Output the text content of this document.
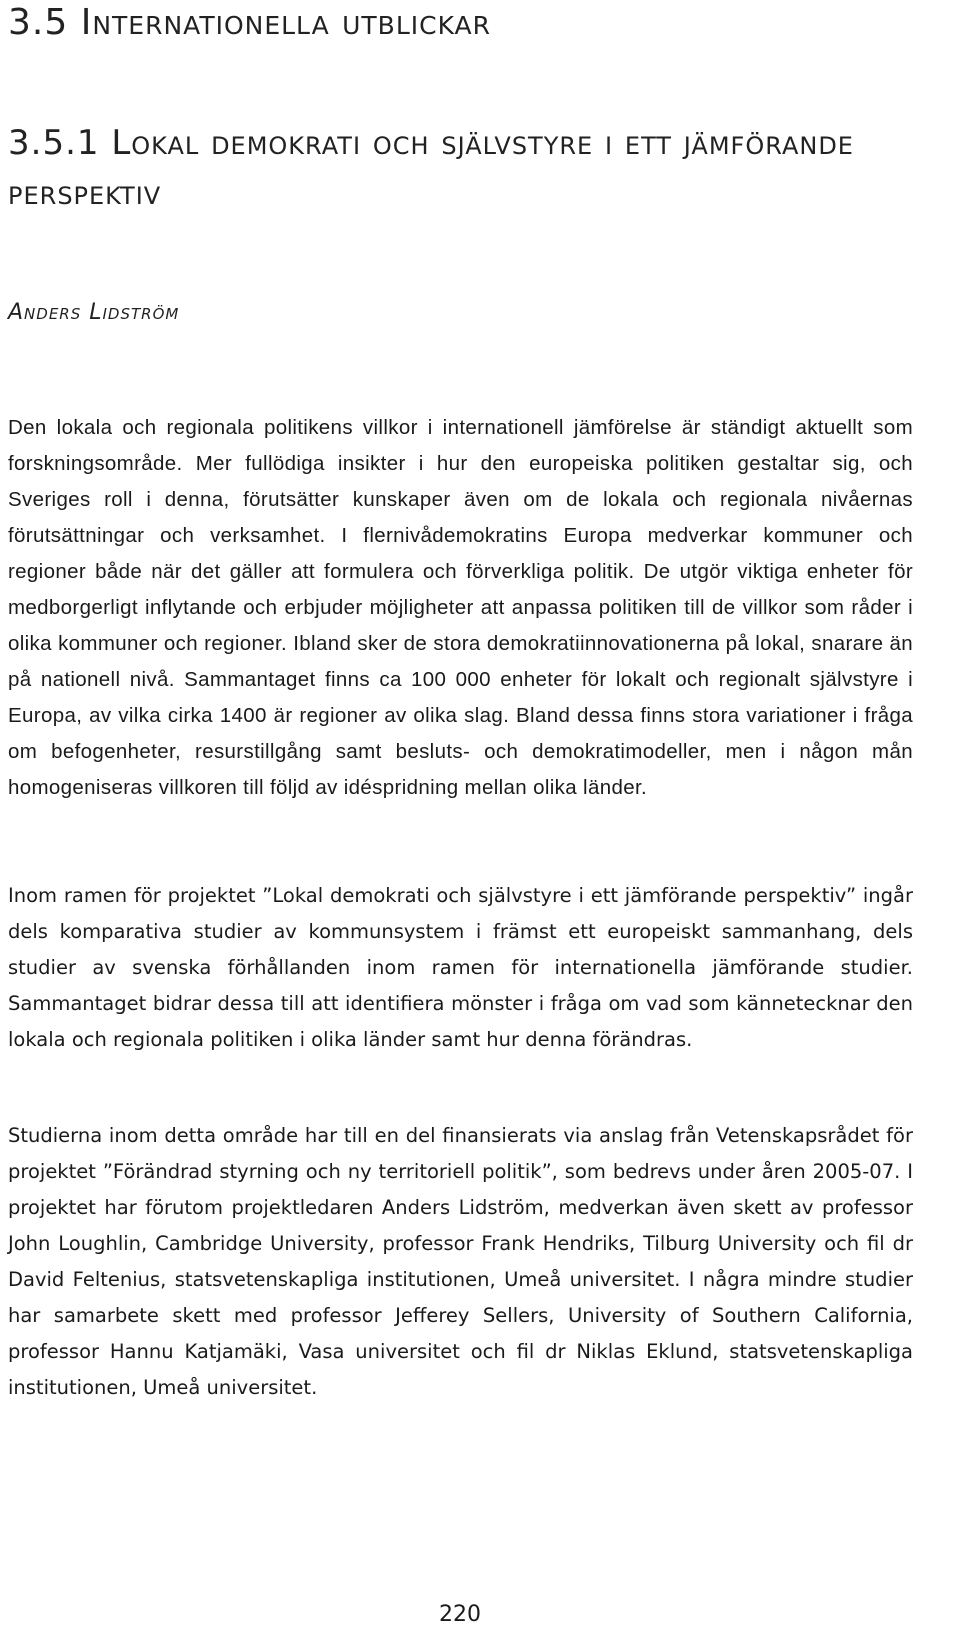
3.5 Internationella utblickar
3.5.1 Lokal demokrati och självstyre i ett jämförande perspektiv

Anders Lidström

Den lokala och regionala politikens villkor i internationell jämförelse är ständigt aktuellt som forskningsområde. Mer fullödiga insikter i hur den europeiska politiken gestaltar sig, och Sveriges roll i denna, förutsätter kunskaper även om de lokala och regionala nivåernas förutsättningar och verksamhet. I flernivådemokratins Europa medverkar kommuner och regioner både när det gäller att formulera och förverkliga politik. De utgör viktiga enheter för medborgerligt inflytande och erbjuder möjligheter att anpassa politiken till de villkor som råder i olika kommuner och regioner. Ibland sker de stora demokratiinnovationerna på lokal, snarare än på nationell nivå. Sammantaget finns ca 100 000 enheter för lokalt och regionalt självstyre i Europa, av vilka cirka 1400 är regioner av olika slag. Bland dessa finns stora variationer i fråga om befogenheter, resurstillgång samt besluts- och demokratimodeller, men i någon mån homogeniseras villkoren till följd av idéspridning mellan olika länder.

Inom ramen för projektet ”Lokal demokrati och självstyre i ett jämförande perspektiv” ingår dels komparativa studier av kommunsystem i främst ett europeiskt sammanhang, dels studier av svenska förhållanden inom ramen för internationella jämförande studier. Sammantaget bidrar dessa till att identifiera mönster i fråga om vad som kännetecknar den lokala och regionala politiken i olika länder samt hur denna förändras.

Studierna inom detta område har till en del finansierats via anslag från Vetenskapsrådet för projektet ”Förändrad styrning och ny territoriell politik”, som bedrevs under åren 2005-07. I projektet har förutom projektledaren Anders Lidström, medverkan även skett av professor John Loughlin, Cambridge University, professor Frank Hendriks, Tilburg University och fil dr David Feltenius, statsvetenskapliga institutionen, Umeå universitet. I några mindre studier har samarbete skett med professor Jefferey Sellers, University of Southern California, professor Hannu Katjamäki, Vasa universitet och fil dr Niklas Eklund, statsvetenskapliga institutionen, Umeå universitet.

220
